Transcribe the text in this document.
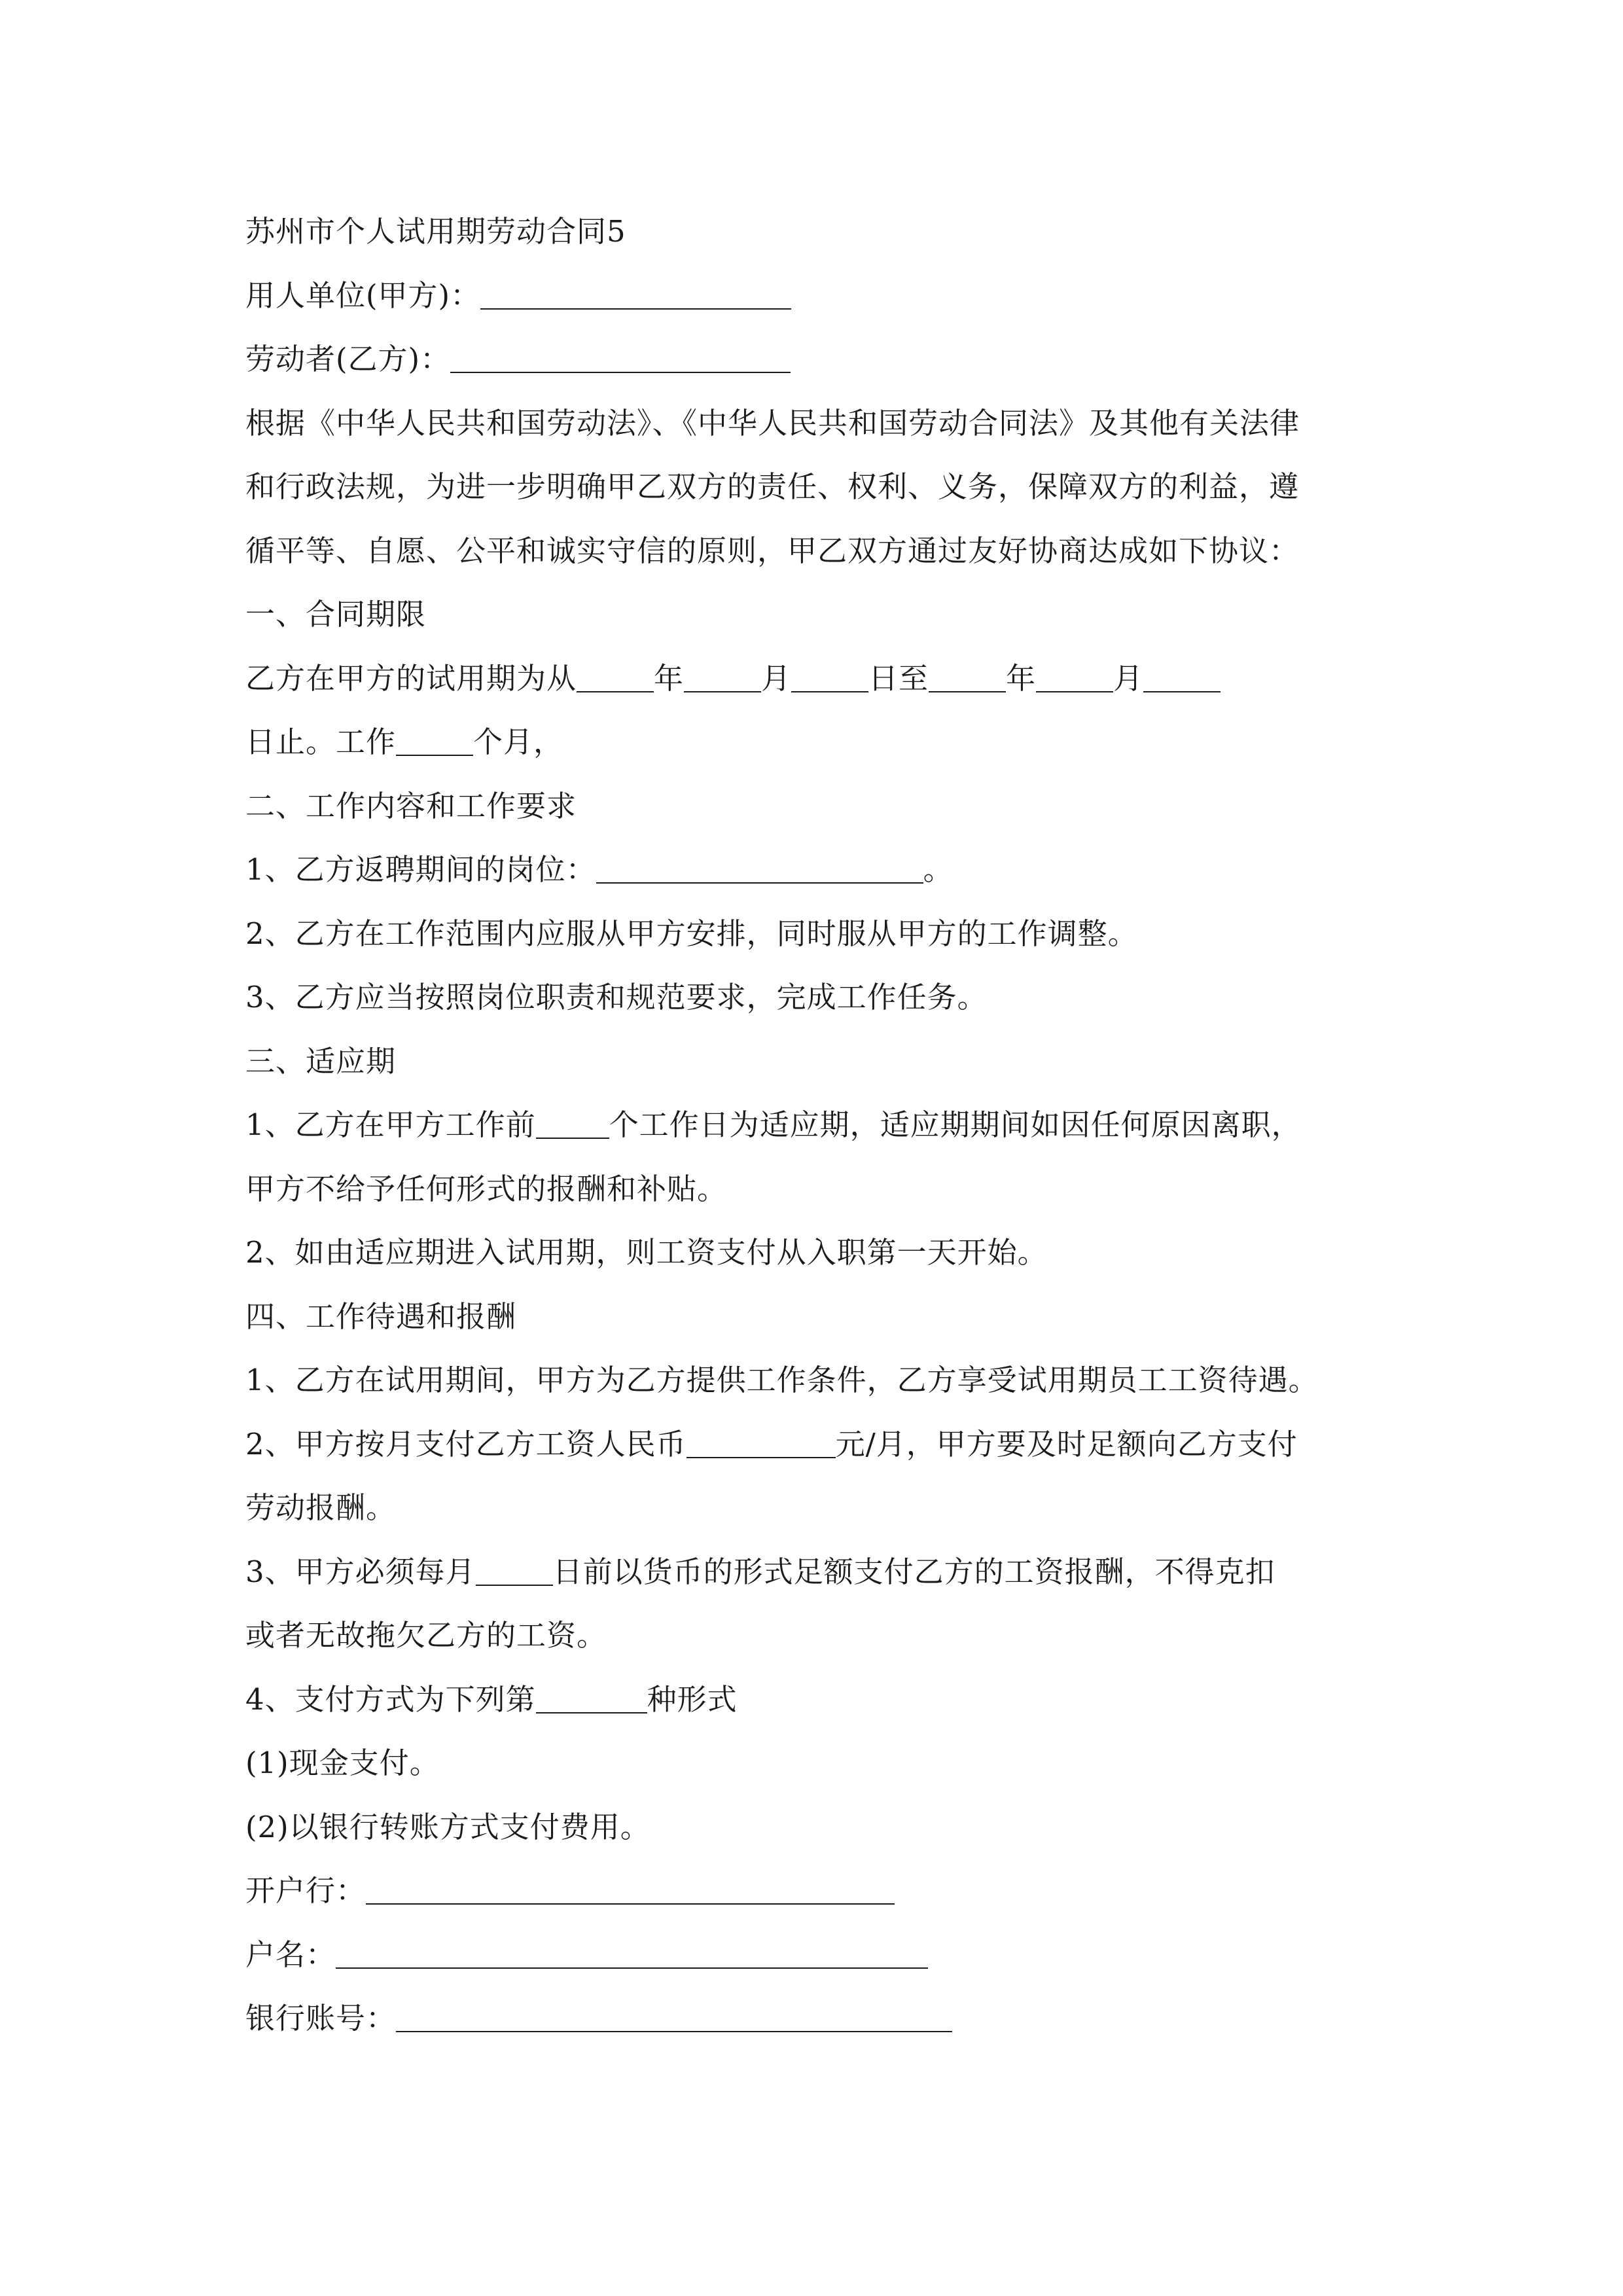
苏州市个人试用期劳动合同5
用人单位(甲方)：
劳动者(乙方)：
根据《中华人民共和国劳动法》、《中华人民共和国劳动合同法》及其他有关法律
和行政法规，为进一步明确甲乙双方的责任、权利、义务，保障双方的利益，遵
循平等、自愿、公平和诚实守信的原则，甲乙双方通过友好协商达成如下协议：
一、合同期限
乙方在甲方的试用期为从	年	月	日至	年	月
日止。工作	个月，
二、工作内容和工作要求
1、乙方返聘期间的岗位：	。
2、乙方在工作范围内应服从甲方安排，同时服从甲方的工作调整。
3、乙方应当按照岗位职责和规范要求，完成工作任务。
三、适应期
1、乙方在甲方工作前 个工作日为适应期，适应期期间如因任何原因离职，
甲方不给予任何形式的报酬和补贴。
2、如由适应期进入试用期，则工资支付从入职第一天开始。
四、工作待遇和报酬
1、乙方在试用期间，甲方为乙方提供工作条件，乙方享受试用期员工工资待遇。
2、甲方按月支付乙方工资人民币	元/月，甲方要及时足额向乙方支付
劳动报酬。
3、甲方必须每月	日前以货币的形式足额支付乙方的工资报酬，不得克扣
或者无故拖欠乙方的工资。
4、支付方式为下列第	种形式
(1)现金支付。
(2)以银行转账方式支付费用。
开户行：
户名：
银行账号：
